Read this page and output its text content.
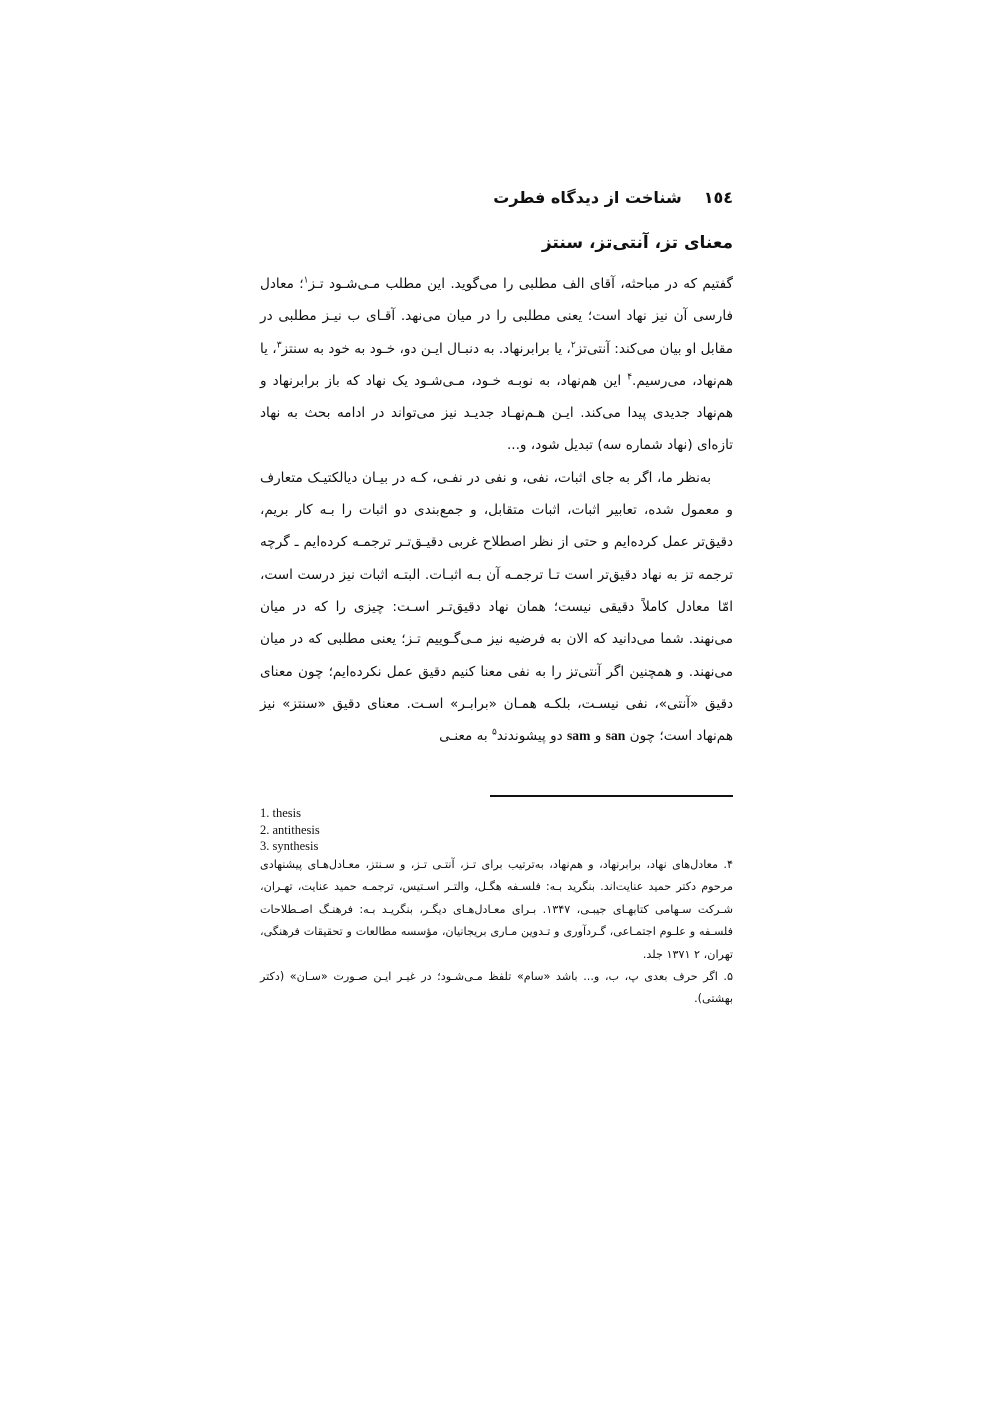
١٥٤شناخت از دیدگاه فطرت
معنای تز، آنتی‌تز، سنتز

گفتیم که در مباحثه، آقای الف مطلبی را می‌گوید. این مطلب مـی‌شـود تـز$^١$؛ معادل فارسی آن نیز نهاد است؛ یعنی مطلبی را در میان می‌نهد. آقـای ب نیـز مطلبی در مقابل او بیان می‌کند: آنتی‌تز$^٢$، یا برابرنهاد. به دنبـال ایـن دو، خـود به خود به سنتز$^٣$، یا هم‌نهاد، می‌رسیم.$^۴$ این هم‌نهاد، به نوبـه خـود، مـی‌شـود یک نهاد که باز برابرنهاد و هم‌نهاد جدیدی پیدا می‌کند. ایـن هـم‌نهـاد جدیـد نیز می‌تواند در ادامه بحث به نهاد تازه‌ای (نهاد شماره سه) تبدیل شود، و...

به‌نظر ما، اگر به جای اثبات، نفی، و نفی در نفـی، کـه در بیـان دیالکتیـک متعارف و معمول شده، تعابیر اثبات، اثبات متقابل، و جمع‌بندی دو اثبات را بـه کار بریم، دقیق‌تر عمل کرده‌ایم و حتی از نظر اصطلاح غربی دقیـق‌تـر ترجمـه کرده‌ایم ـ گرچه ترجمه تز به نهاد دقیق‌تر است تـا ترجمـه آن بـه اثبـات. البتـه اثبات نیز درست است، امّا معادل کاملاً دقیقی نیست؛ همان نهاد دقیق‌تـر اسـت: چیزی را که در میان می‌نهند. شما می‌دانید که الان به فرضیه نیز مـی‌گـوییم تـز؛ یعنی مطلبی که در میان می‌نهند. و همچنین اگر آنتی‌تز را به نفی معنا کنیم دقیق عمل نکرده‌ایم؛ چون معنای دقیق «آنتی»، نفی نیسـت، بلکـه همـان «برابـر» اسـت. معنای دقیق «سنتز» نیز هم‌نهاد است؛ چون san و sam دو پیشوندند$^۵$ به معنـی

1. thesis
2. antithesis
3. synthesis

۴. معادل‌های نهاد، برابرنهاد، و هم‌نهاد، به‌ترتیب برای تـز، آنتـی تـز، و سـنتز، معـادل‌هـای پیشنهادی مرحوم دکتر حمید عنایت‌اند. بنگرید بـه: فلسـفه هگـل، والتـر اسـتیس، ترجمـه حمید عنایت، تهـران، شـرکت سـهامی کتابهـای جیبـی، ۱۳۴۷. بـرای معـادل‌هـای دیگـر، بنگریـد بـه: فرهنـگ اصـطلاحات فلسـفه و علـوم اجتمـاعی، گـردآوری و تـدوین مـاری بریجانیان، مؤسسه مطالعات و تحقیقات فرهنگی، تهران، ۲ ۱۳۷۱ جلد.

۵. اگر حرف بعدی پ، ب، و... باشد «سام» تلفظ مـی‌شـود؛ در غیـر ایـن صـورت «سـان» (دکتر بهشتی).
